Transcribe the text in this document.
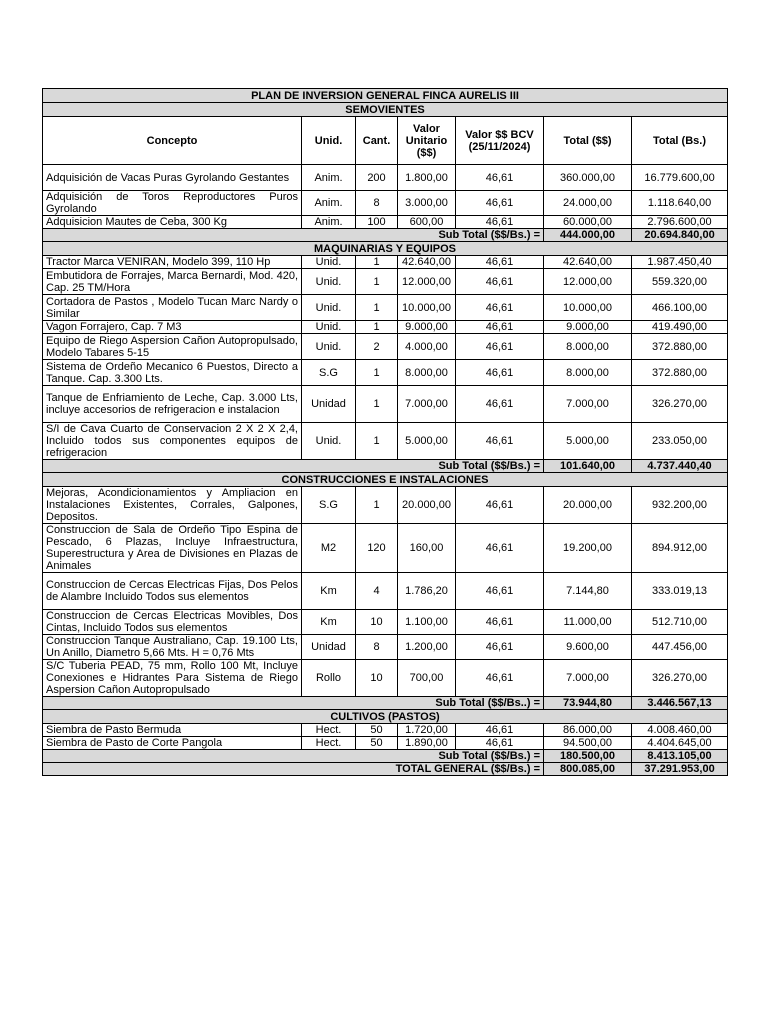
PLAN DE INVERSION GENERAL FINCA AURELIS III						
SEMOVIENTES						
Concepto	Unid.	Cant.	Valor Unitario ($$)	Valor $$ BCV (25/11/2024)	Total ($$)	Total (Bs.)
Adquisición de Vacas Puras Gyrolando Gestantes	Anim.	200	1.800,00	46,61	360.000,00	16.779.600,00
Adquisición de Toros Reproductores Puros Gyrolando	Anim.	8	3.000,00	46,61	24.000,00	1.118.640,00
Adquisicion Mautes de Ceba, 300 Kg	Anim.	100	600,00	46,61	60.000,00	2.796.600,00
Sub Total ($$/Bs.) =					444.000,00	20.694.840,00
MAQUINARIAS Y EQUIPOS						
Tractor Marca VENIRAN, Modelo 399, 110 Hp	Unid.	1	42.640,00	46,61	42.640,00	1.987.450,40
Embutidora de Forrajes, Marca Bernardi, Mod. 420, Cap. 25 TM/Hora	Unid.	1	12.000,00	46,61	12.000,00	559.320,00
Cortadora de Pastos , Modelo Tucan Marc Nardy o Similar	Unid.	1	10.000,00	46,61	10.000,00	466.100,00
Vagon Forrajero, Cap. 7 M3	Unid.	1	9.000,00	46,61	9.000,00	419.490,00
Equipo de Riego Aspersion Cañon Autopropulsado, Modelo Tabares 5-15	Unid.	2	4.000,00	46,61	8.000,00	372.880,00
Sistema de Ordeño Mecanico 6 Puestos, Directo a Tanque. Cap. 3.300 Lts.	S.G	1	8.000,00	46,61	8.000,00	372.880,00
Tanque de Enfriamiento de Leche, Cap. 3.000 Lts, incluye accesorios de refrigeracion e instalacion	Unidad	1	7.000,00	46,61	7.000,00	326.270,00
S/I de Cava Cuarto de Conservacion 2 X 2 X 2,4, Incluido todos sus componentes equipos de refrigeracion	Unid.	1	5.000,00	46,61	5.000,00	233.050,00
Sub Total ($$/Bs.) =					101.640,00	4.737.440,40
CONSTRUCCIONES E INSTALACIONES						
Mejoras, Acondicionamientos y Ampliacion en Instalaciones Existentes, Corrales, Galpones, Depositos.	S.G	1	20.000,00	46,61	20.000,00	932.200,00
Construccion de Sala de Ordeño Tipo Espina de Pescado, 6 Plazas, Incluye Infraestructura, Superestructura y Area de Divisiones en Plazas de Animales	M2	120	160,00	46,61	19.200,00	894.912,00
Construccion de Cercas Electricas Fijas, Dos Pelos de Alambre Incluido Todos sus elementos	Km	4	1.786,20	46,61	7.144,80	333.019,13
Construccion de Cercas Electricas Movibles, Dos Cintas, Incluido Todos sus elementos	Km	10	1.100,00	46,61	11.000,00	512.710,00
Construccion Tanque Australiano, Cap. 19.100 Lts, Un Anillo, Diametro 5,66 Mts. H = 0,76 Mts	Unidad	8	1.200,00	46,61	9.600,00	447.456,00
S/C Tuberia PEAD, 75 mm, Rollo 100 Mt, Incluye Conexiones e Hidrantes Para Sistema de Riego Aspersion Cañon Autopropulsado	Rollo	10	700,00	46,61	7.000,00	326.270,00
Sub Total ($$/Bs..) =					73.944,80	3.446.567,13
CULTIVOS (PASTOS)						
Siembra de Pasto Bermuda	Hect.	50	1.720,00	46,61	86.000,00	4.008.460,00
Siembra de Pasto de Corte Pangola	Hect.	50	1.890,00	46,61	94.500,00	4.404.645,00
Sub Total ($$/Bs.) =					180.500,00	8.413.105,00
TOTAL GENERAL ($$/Bs.) =					800.085,00	37.291.953,00
